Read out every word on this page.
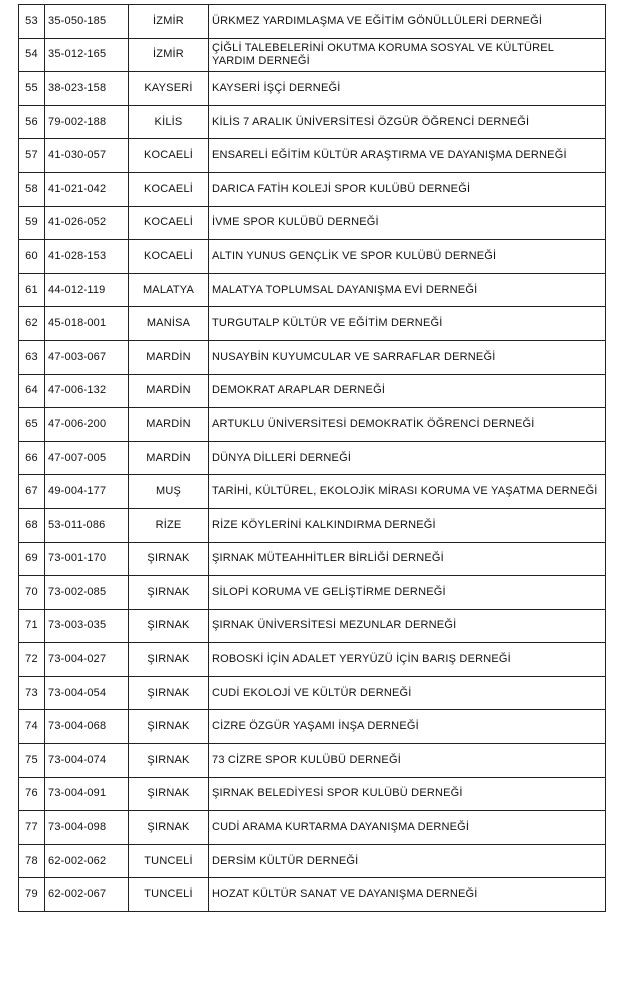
53	35-050-185	İZMİR	ÜRKMEZ YARDIMLAŞMA VE EĞİTİM GÖNÜLLÜLERİ DERNEĞİ
54	35-012-165	İZMİR	ÇİĞLİ TALEBELERİNİ OKUTMA KORUMA SOSYAL VE KÜLTÜREL YARDIM DERNEĞİ
55	38-023-158	KAYSERİ	KAYSERİ İŞÇİ DERNEĞİ
56	79-002-188	KİLİS	KİLİS 7 ARALIK ÜNİVERSİTESİ ÖZGÜR ÖĞRENCİ DERNEĞİ
57	41-030-057	KOCAELİ	ENSARELİ EĞİTİM KÜLTÜR ARAŞTIRMA VE DAYANIŞMA DERNEĞİ
58	41-021-042	KOCAELİ	DARICA FATİH KOLEJİ SPOR KULÜBÜ DERNEĞİ
59	41-026-052	KOCAELİ	İVME SPOR KULÜBÜ DERNEĞİ
60	41-028-153	KOCAELİ	ALTIN YUNUS GENÇLİK VE SPOR KULÜBÜ DERNEĞİ
61	44-012-119	MALATYA	MALATYA TOPLUMSAL DAYANIŞMA EVİ DERNEĞİ
62	45-018-001	MANİSA	TURGUTALP KÜLTÜR VE EĞİTİM DERNEĞİ
63	47-003-067	MARDİN	NUSAYBİN KUYUMCULAR VE SARRAFLAR DERNEĞİ
64	47-006-132	MARDİN	DEMOKRAT ARAPLAR DERNEĞİ
65	47-006-200	MARDİN	ARTUKLU ÜNİVERSİTESİ DEMOKRATİK ÖĞRENCİ DERNEĞİ
66	47-007-005	MARDİN	DÜNYA DİLLERİ DERNEĞİ
67	49-004-177	MUŞ	TARİHİ, KÜLTÜREL, EKOLOJİK MİRASI KORUMA VE YAŞATMA DERNEĞİ
68	53-011-086	RİZE	RİZE KÖYLERİNİ KALKINDIRMA DERNEĞİ
69	73-001-170	ŞIRNAK	ŞIRNAK MÜTEAHHİTLER BİRLİĞİ DERNEĞİ
70	73-002-085	ŞIRNAK	SİLOPİ KORUMA VE GELİŞTİRME DERNEĞİ
71	73-003-035	ŞIRNAK	ŞIRNAK ÜNİVERSİTESİ MEZUNLAR DERNEĞİ
72	73-004-027	ŞIRNAK	ROBOSKİ İÇİN ADALET YERYÜZÜ İÇİN BARIŞ DERNEĞİ
73	73-004-054	ŞIRNAK	CUDİ EKOLOJİ VE KÜLTÜR DERNEĞİ
74	73-004-068	ŞIRNAK	CİZRE ÖZGÜR YAŞAMI İNŞA DERNEĞİ
75	73-004-074	ŞIRNAK	73 CİZRE SPOR KULÜBÜ DERNEĞİ
76	73-004-091	ŞIRNAK	ŞIRNAK BELEDİYESİ SPOR KULÜBÜ DERNEĞİ
77	73-004-098	ŞIRNAK	CUDİ ARAMA KURTARMA DAYANIŞMA DERNEĞİ
78	62-002-062	TUNCELİ	DERSİM KÜLTÜR DERNEĞİ
79	62-002-067	TUNCELİ	HOZAT KÜLTÜR SANAT VE DAYANIŞMA DERNEĞİ
